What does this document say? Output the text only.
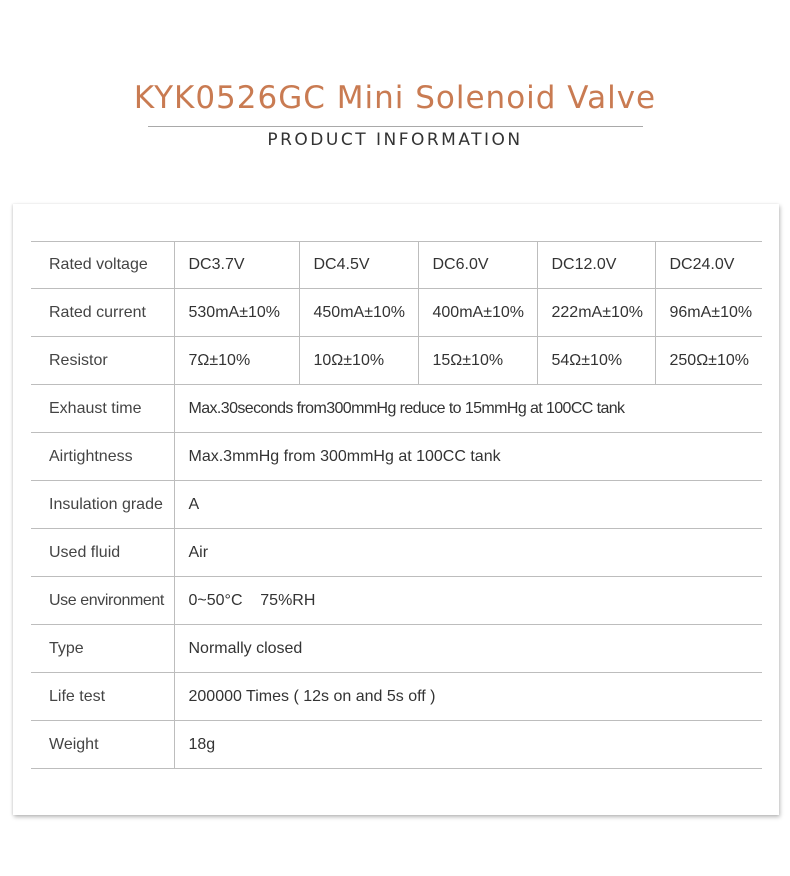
KYK0526GC Mini Solenoid Valve
PRODUCT INFORMATION
Rated voltage	DC3.7V	DC4.5V	DC6.0V	DC12.0V	DC24.0V
Rated current	530mA±10%	450mA±10%	400mA±10%	222mA±10%	96mA±10%
Resistor	7Ω±10%	10Ω±10%	15Ω±10%	54Ω±10%	250Ω±10%
Exhaust time	Max.30seconds from300mmHg reduce to 15mmHg at 100CC tank				
Airtightness	Max.3mmHg from 300mmHg at 100CC tank				
Insulation grade	A				
Used fluid	Air				
Use environment	0~50°C    75%RH				
Type	Normally closed				
Life test	200000 Times ( 12s on and 5s off )				
Weight	18g				
